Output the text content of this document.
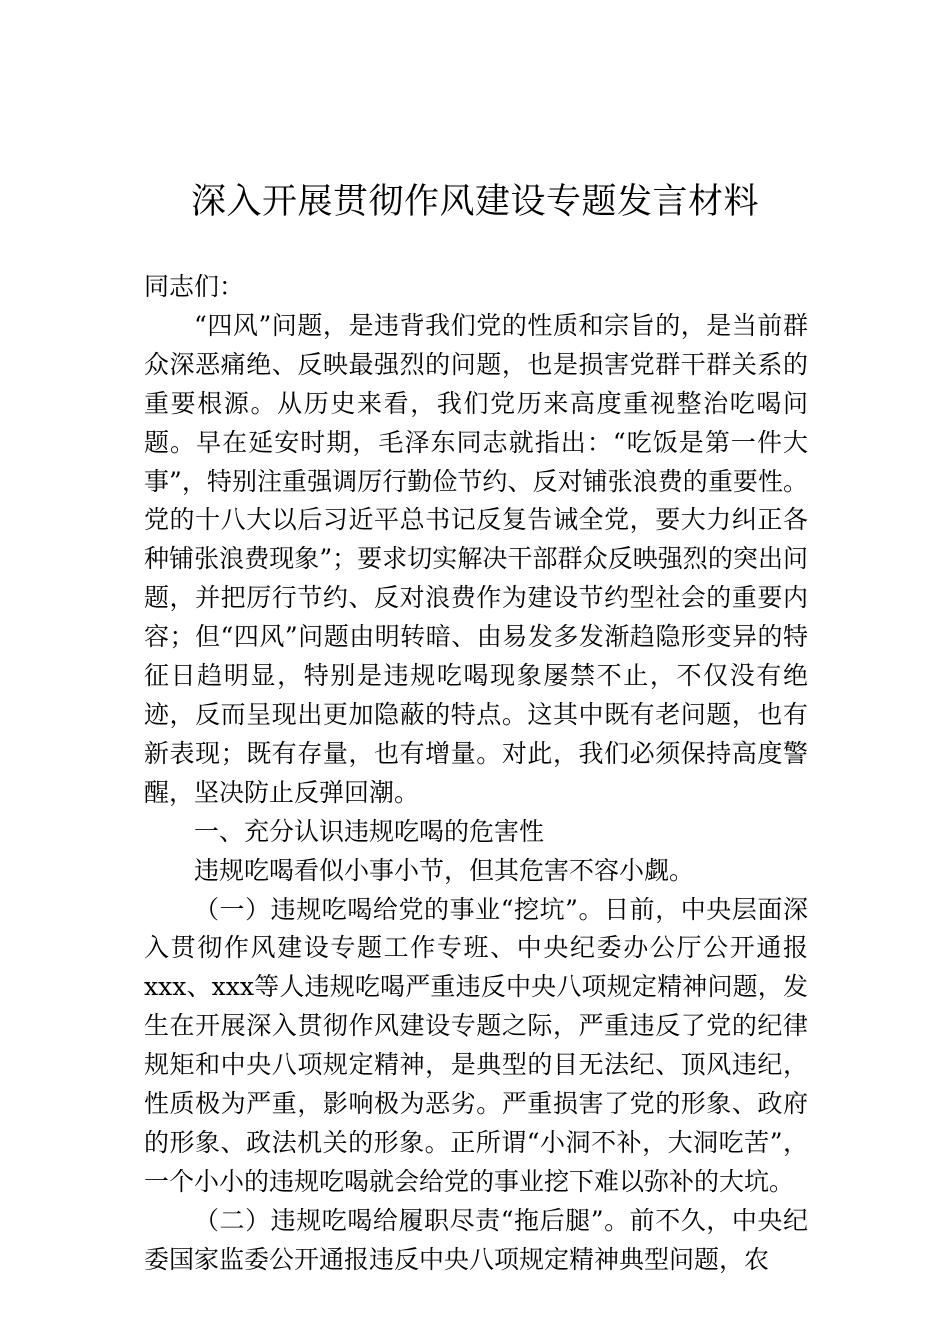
深入开展贯彻作风建设专题发言材料

同志们：

“四风”问题，是违背我们党的性质和宗旨的，是当前群众深恶痛绝、反映最强烈的问题，也是损害党群干群关系的重要根源。从历史来看，我们党历来高度重视整治吃喝问题。早在延安时期，毛泽东同志就指出：“吃饭是第一件大事”，特别注重强调厉行勤俭节约、反对铺张浪费的重要性。党的十八大以后习近平总书记反复告诫全党，要大力纠正各种铺张浪费现象”；要求切实解决干部群众反映强烈的突出问题，并把厉行节约、反对浪费作为建设节约型社会的重要内容；但“四风”问题由明转暗、由易发多发渐趋隐形变异的特征日趋明显，特别是违规吃喝现象屡禁不止，不仅没有绝迹，反而呈现出更加隐蔽的特点。这其中既有老问题，也有新表现；既有存量，也有增量。对此，我们必须保持高度警醒，坚决防止反弹回潮。

一、充分认识违规吃喝的危害性

违规吃喝看似小事小节，但其危害不容小觑。

（一）违规吃喝给党的事业“挖坑”。日前，中央层面深入贯彻作风建设专题工作专班、中央纪委办公厅公开通报xxx、xxx等人违规吃喝严重违反中央八项规定精神问题，发生在开展深入贯彻作风建设专题之际，严重违反了党的纪律规矩和中央八项规定精神，是典型的目无法纪、顶风违纪，性质极为严重，影响极为恶劣。严重损害了党的形象、政府的形象、政法机关的形象。正所谓“小洞不补，大洞吃苦”，一个小小的违规吃喝就会给党的事业挖下难以弥补的大坑。

（二）违规吃喝给履职尽责“拖后腿”。前不久，中央纪委国家监委公开通报违反中央八项规定精神典型问题，农
